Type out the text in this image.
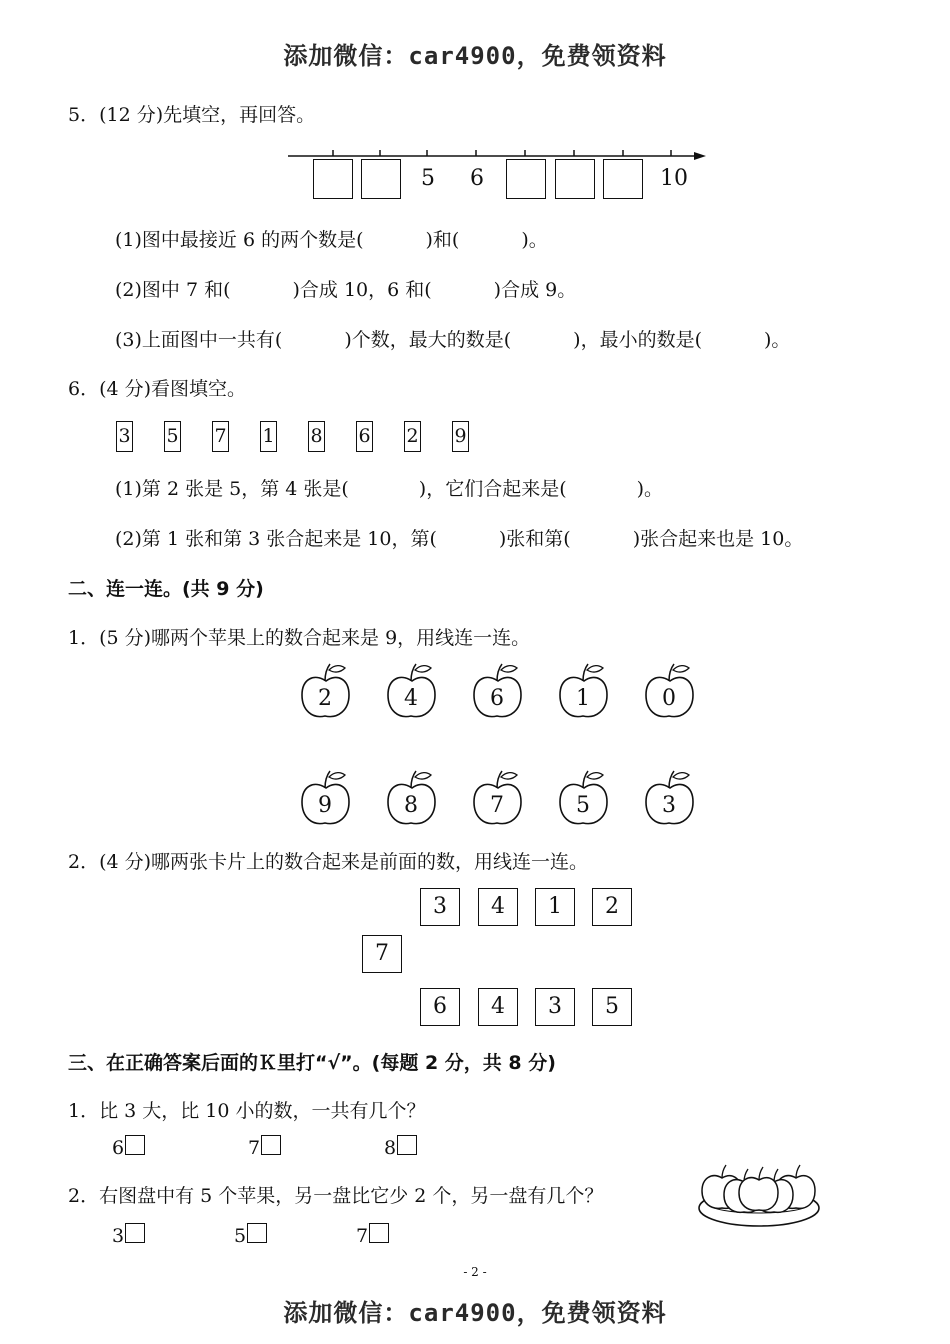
添加微信：car4900，免费领资料
5．(12 分)先填空，再回答。
5 6	10
(1)图中最接近 6 的两个数是(	)和(	)。
(2)图中 7 和(	)合成 10，6 和(	)合成 9。
(3)上面图中一共有(	)个数，最大的数是(	)，最小的数是(	)。
6．(4 分)看图填空。
3 5 7 1 8 6 2 9
(1)第 2 张是 5，第 4 张是(	)，它们合起来是(	)。
(2)第 1 张和第 3 张合起来是 10，第(	)张和第(	)张合起来也是 10。
二、连一连。(共 9 分)
1．(5 分)哪两个苹果上的数合起来是 9，用线连一连。
2	4	6	1	0
9	8	7	5	3
2．(4 分)哪两张卡片上的数合起来是前面的数，用线连一连。
3	4	1	2
7
6	4	3	5
三、在正确答案后面的Ｋ里打“√”。(每题 2 分，共 8 分)
1．比 3 大，比 10 小的数，一共有几个？
6	7	8
2．右图盘中有 5 个苹果，另一盘比它少 2 个，另一盘有几个？
3	5	7
- 2 -
添加微信：car4900，免费领资料
